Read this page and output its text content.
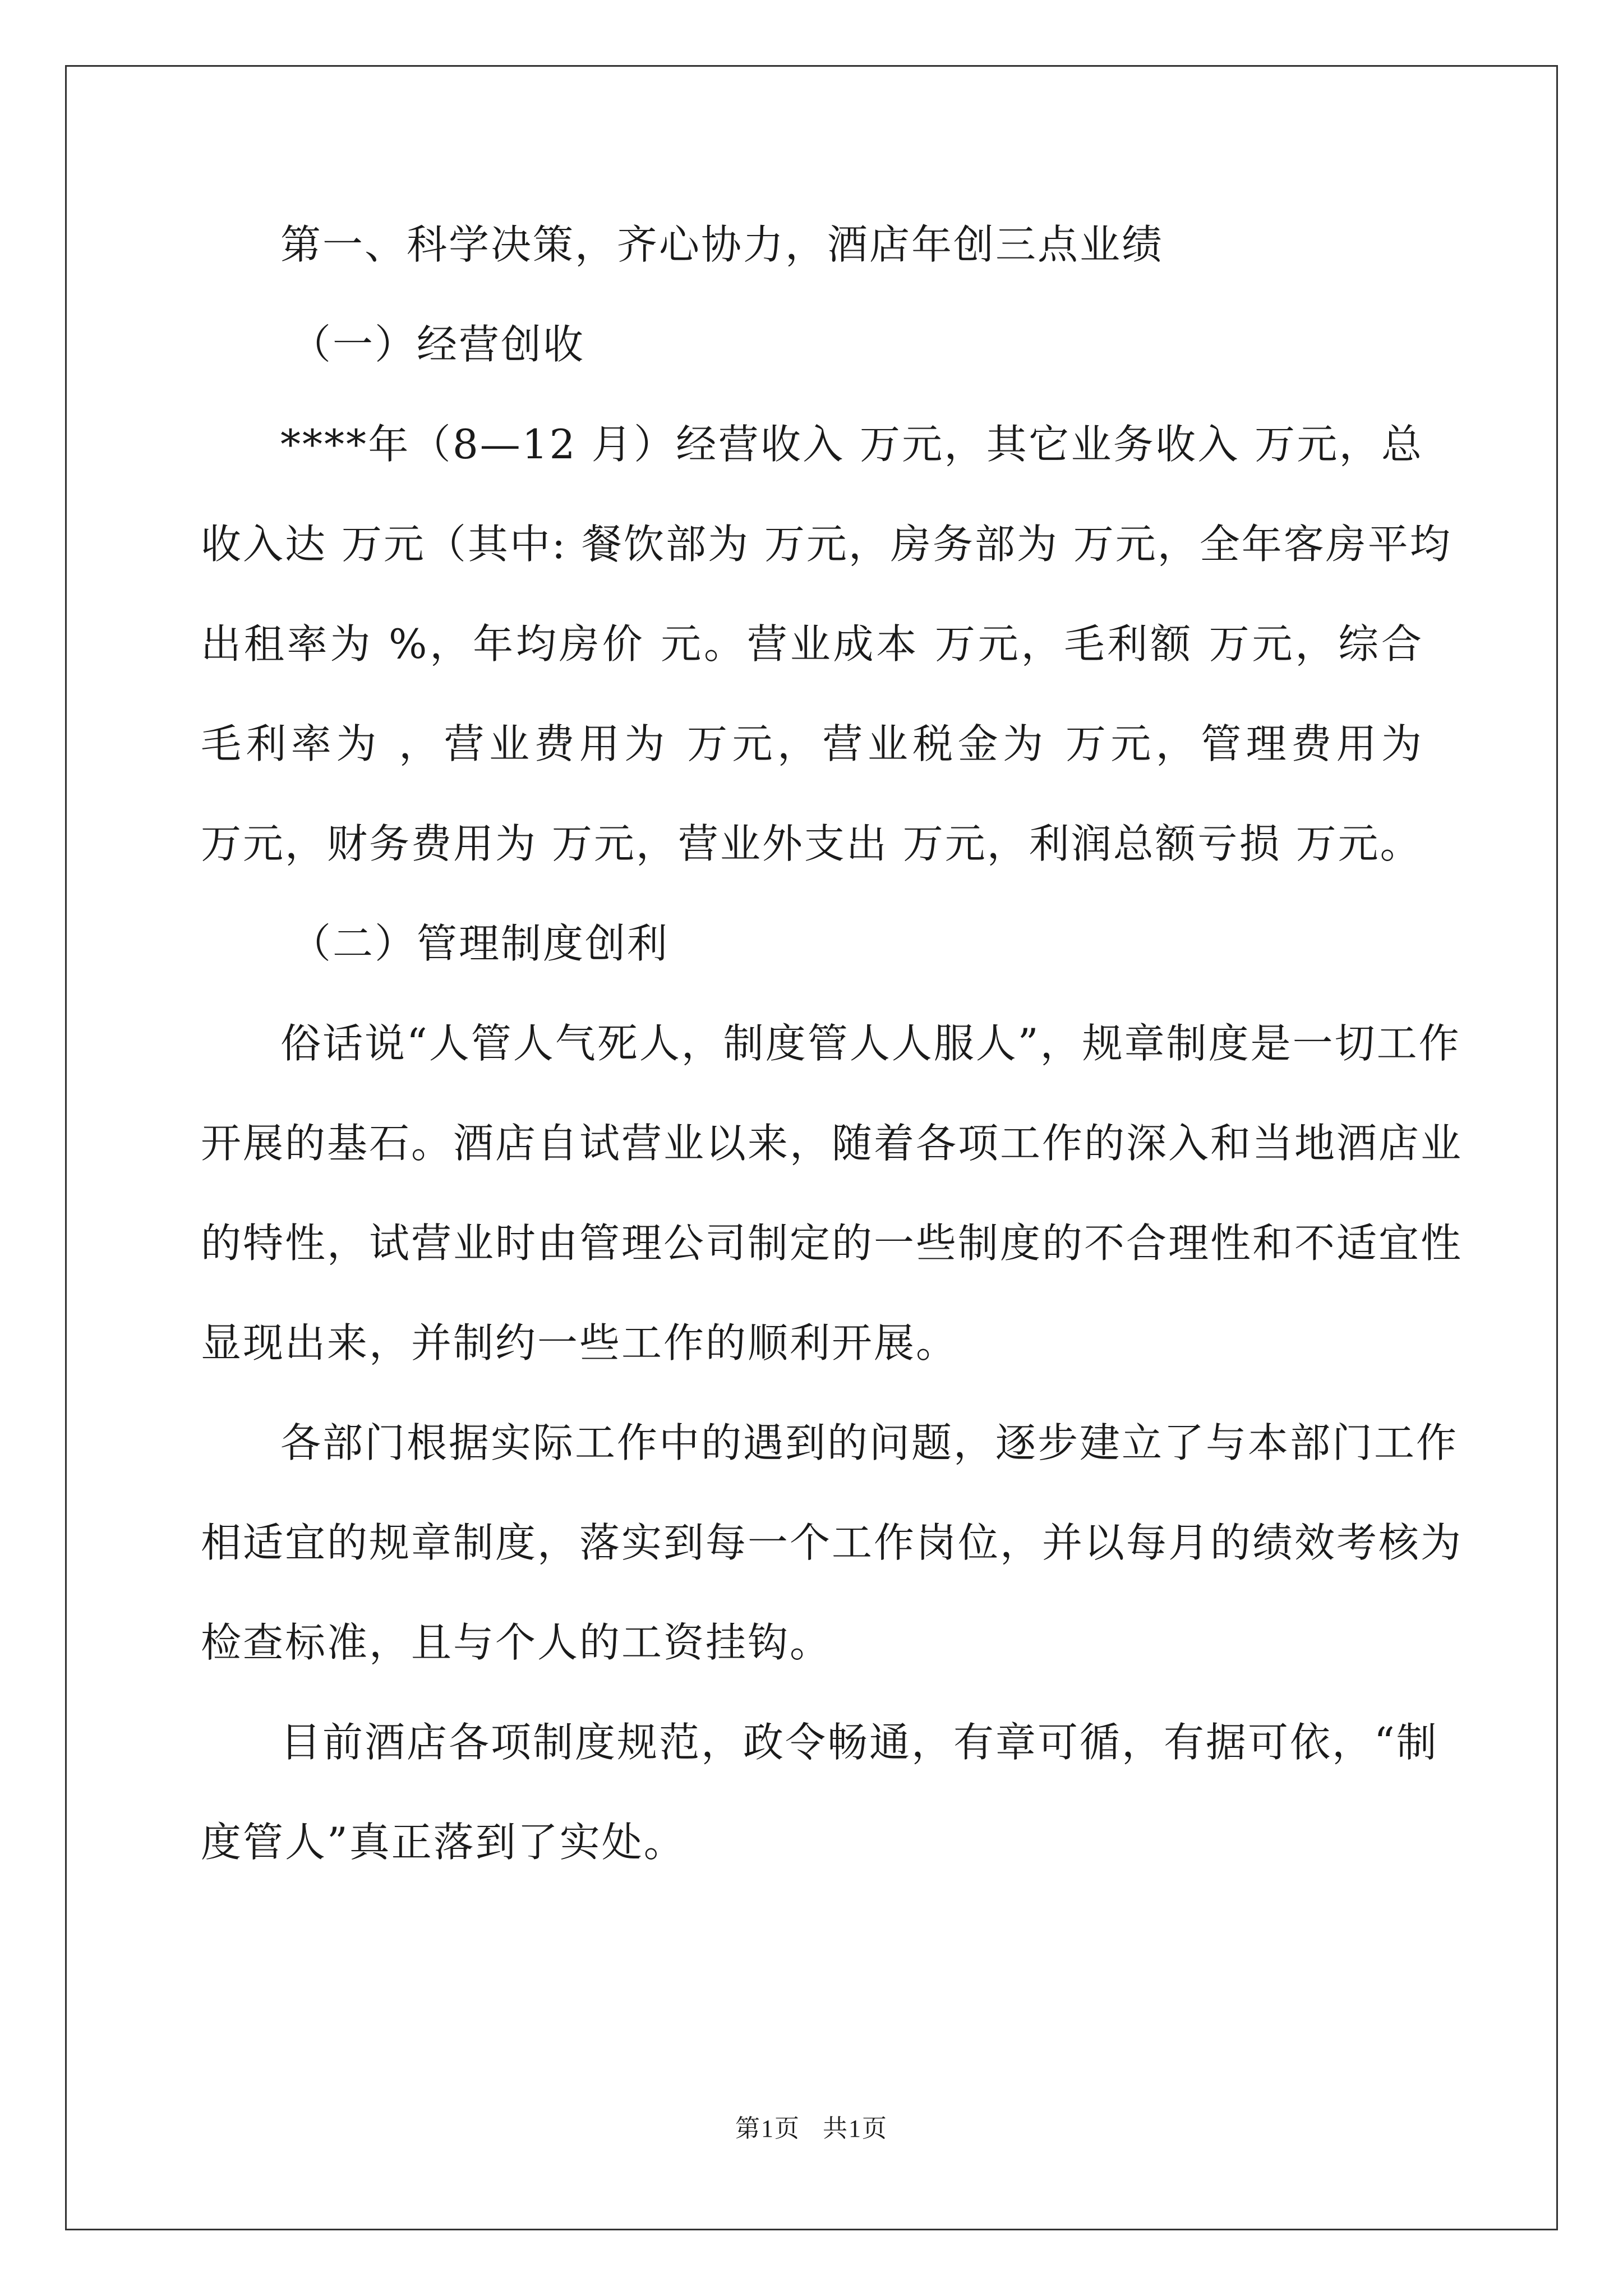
第一、科学决策，齐心协力，酒店年创三点业绩

（一）经营创收

****年（8—12 月）经营收入 万元，其它业务收入 万元，总
收入达 万元（其中: 餐饮部为 万元，房务部为 万元，全年客房平均
出租率为 %，年均房价 元。营业成本 万元，毛利额 万元，综合
毛利率为 ，营业费用为 万元，营业税金为 万元，管理费用为
万元，财务费用为 万元，营业外支出 万元，利润总额亏损 万元。

（二）管理制度创利

俗话说“人管人气死人，制度管人人服人”，规章制度是一切工作
开展的基石。酒店自试营业以来，随着各项工作的深入和当地酒店业
的特性，试营业时由管理公司制定的一些制度的不合理性和不适宜性
显现出来，并制约一些工作的顺利开展。
各部门根据实际工作中的遇到的问题，逐步建立了与本部门工作
相适宜的规章制度，落实到每一个工作岗位，并以每月的绩效考核为
检查标准，且与个人的工资挂钩。
目前酒店各项制度规范，政令畅通，有章可循，有据可依，“制
度管人”真正落到了实处。
第1页 共1页
